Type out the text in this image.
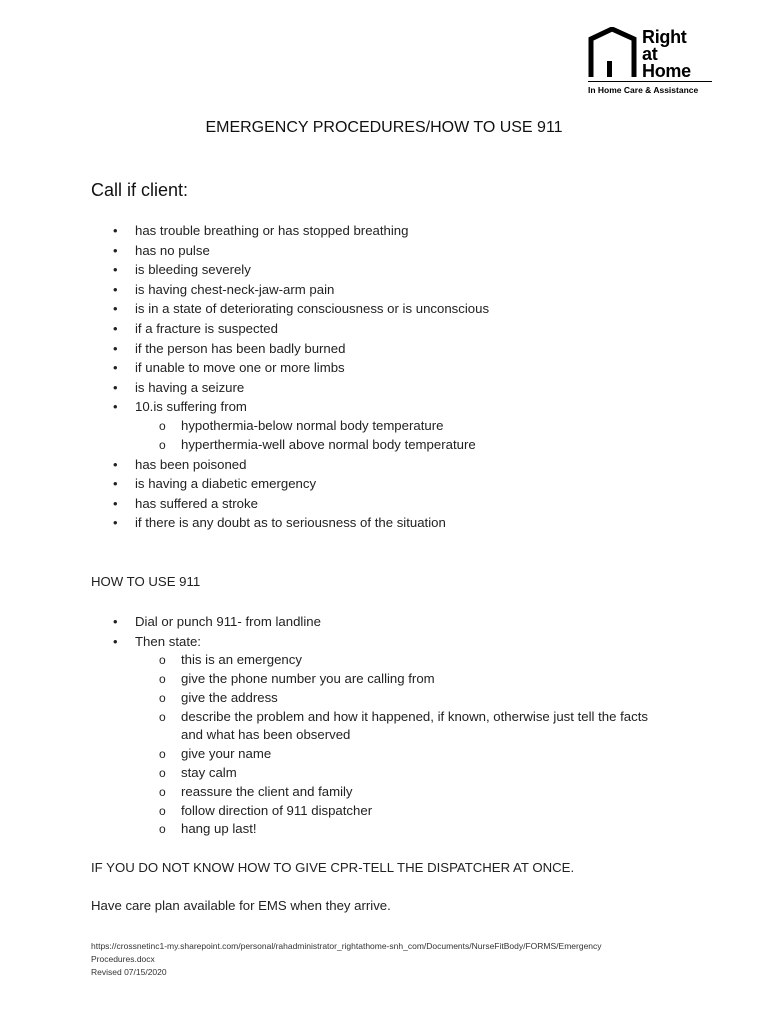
Right
at
Home
In Home Care & Assistance
EMERGENCY PROCEDURES/HOW TO USE 911
Call if client:
• has trouble breathing or has stopped breathing
• has no pulse
• is bleeding severely
• is having chest-neck-jaw-arm pain
• is in a state of deteriorating consciousness or is unconscious
• if a fracture is suspected
• if the person has been badly burned
• if unable to move one or more limbs
• is having a seizure
• 10.is suffering from
o hypothermia-below normal body temperature
o hyperthermia-well above normal body temperature
• has been poisoned
• is having a diabetic emergency
• has suffered a stroke
• if there is any doubt as to seriousness of the situation
HOW TO USE 911
• Dial or punch 911- from landline
• Then state:
o this is an emergency
o give the phone number you are calling from
o give the address
o describe the problem and how it happened, if known, otherwise just tell the facts and what has been observed
o give your name
o stay calm
o reassure the client and family
o follow direction of 911 dispatcher
o hang up last!
IF YOU DO NOT KNOW HOW TO GIVE CPR-TELL THE DISPATCHER AT ONCE.
Have care plan available for EMS when they arrive.
https://crossnetinc1-my.sharepoint.com/personal/rahadministrator_rightathome-snh_com/Documents/NurseFitBody/FORMS/Emergency
Procedures.docx
Revised 07/15/2020
